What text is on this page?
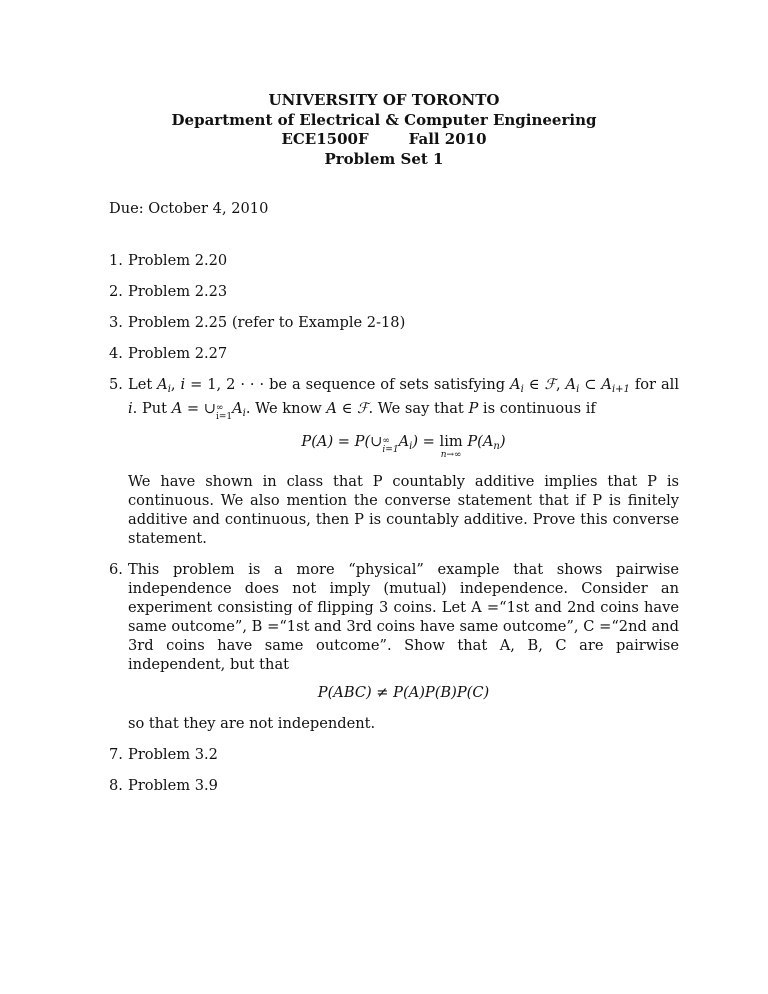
UNIVERSITY OF TORONTO
Department of Electrical & Computer Engineering
ECE1500F	Fall 2010
Problem Set 1
Due: October 4, 2010
1. Problem 2.20

2. Problem 2.23

3. Problem 2.25 (refer to Example 2-18)

4. Problem 2.27

5. Let $A_i$, i = 1, 2 · · · be a sequence of sets satisfying $A_i$ ∈ ℱ, $A_i$ ⊂ $A_{i+1}$ for all i. Put A = ∪ ∞
i=1 $A_i$. We know A ∈ ℱ. We say that P is continuous if

P(A) = P(∪ ∞
i=1 $A_i) = \lim$
n→∞
$P(A_n)$

We have shown in class that P countably additive implies that P is continuous. We also mention the converse statement that if P is finitely additive and continuous, then P is countably additive. Prove this converse statement.

6. This problem is a more “physical” example that shows pairwise independence does not imply (mutual) independence. Consider an experiment consisting of flipping 3 coins. Let A =“1st and 2nd coins have same outcome”, B =“1st and 3rd coins have same outcome”, C =“2nd and 3rd coins have same outcome”. Show that A, B, C are pairwise independent, but that

P(ABC) ≠ P(A)P(B)P(C)

so that they are not independent.

7. Problem 3.2

8. Problem 3.9
